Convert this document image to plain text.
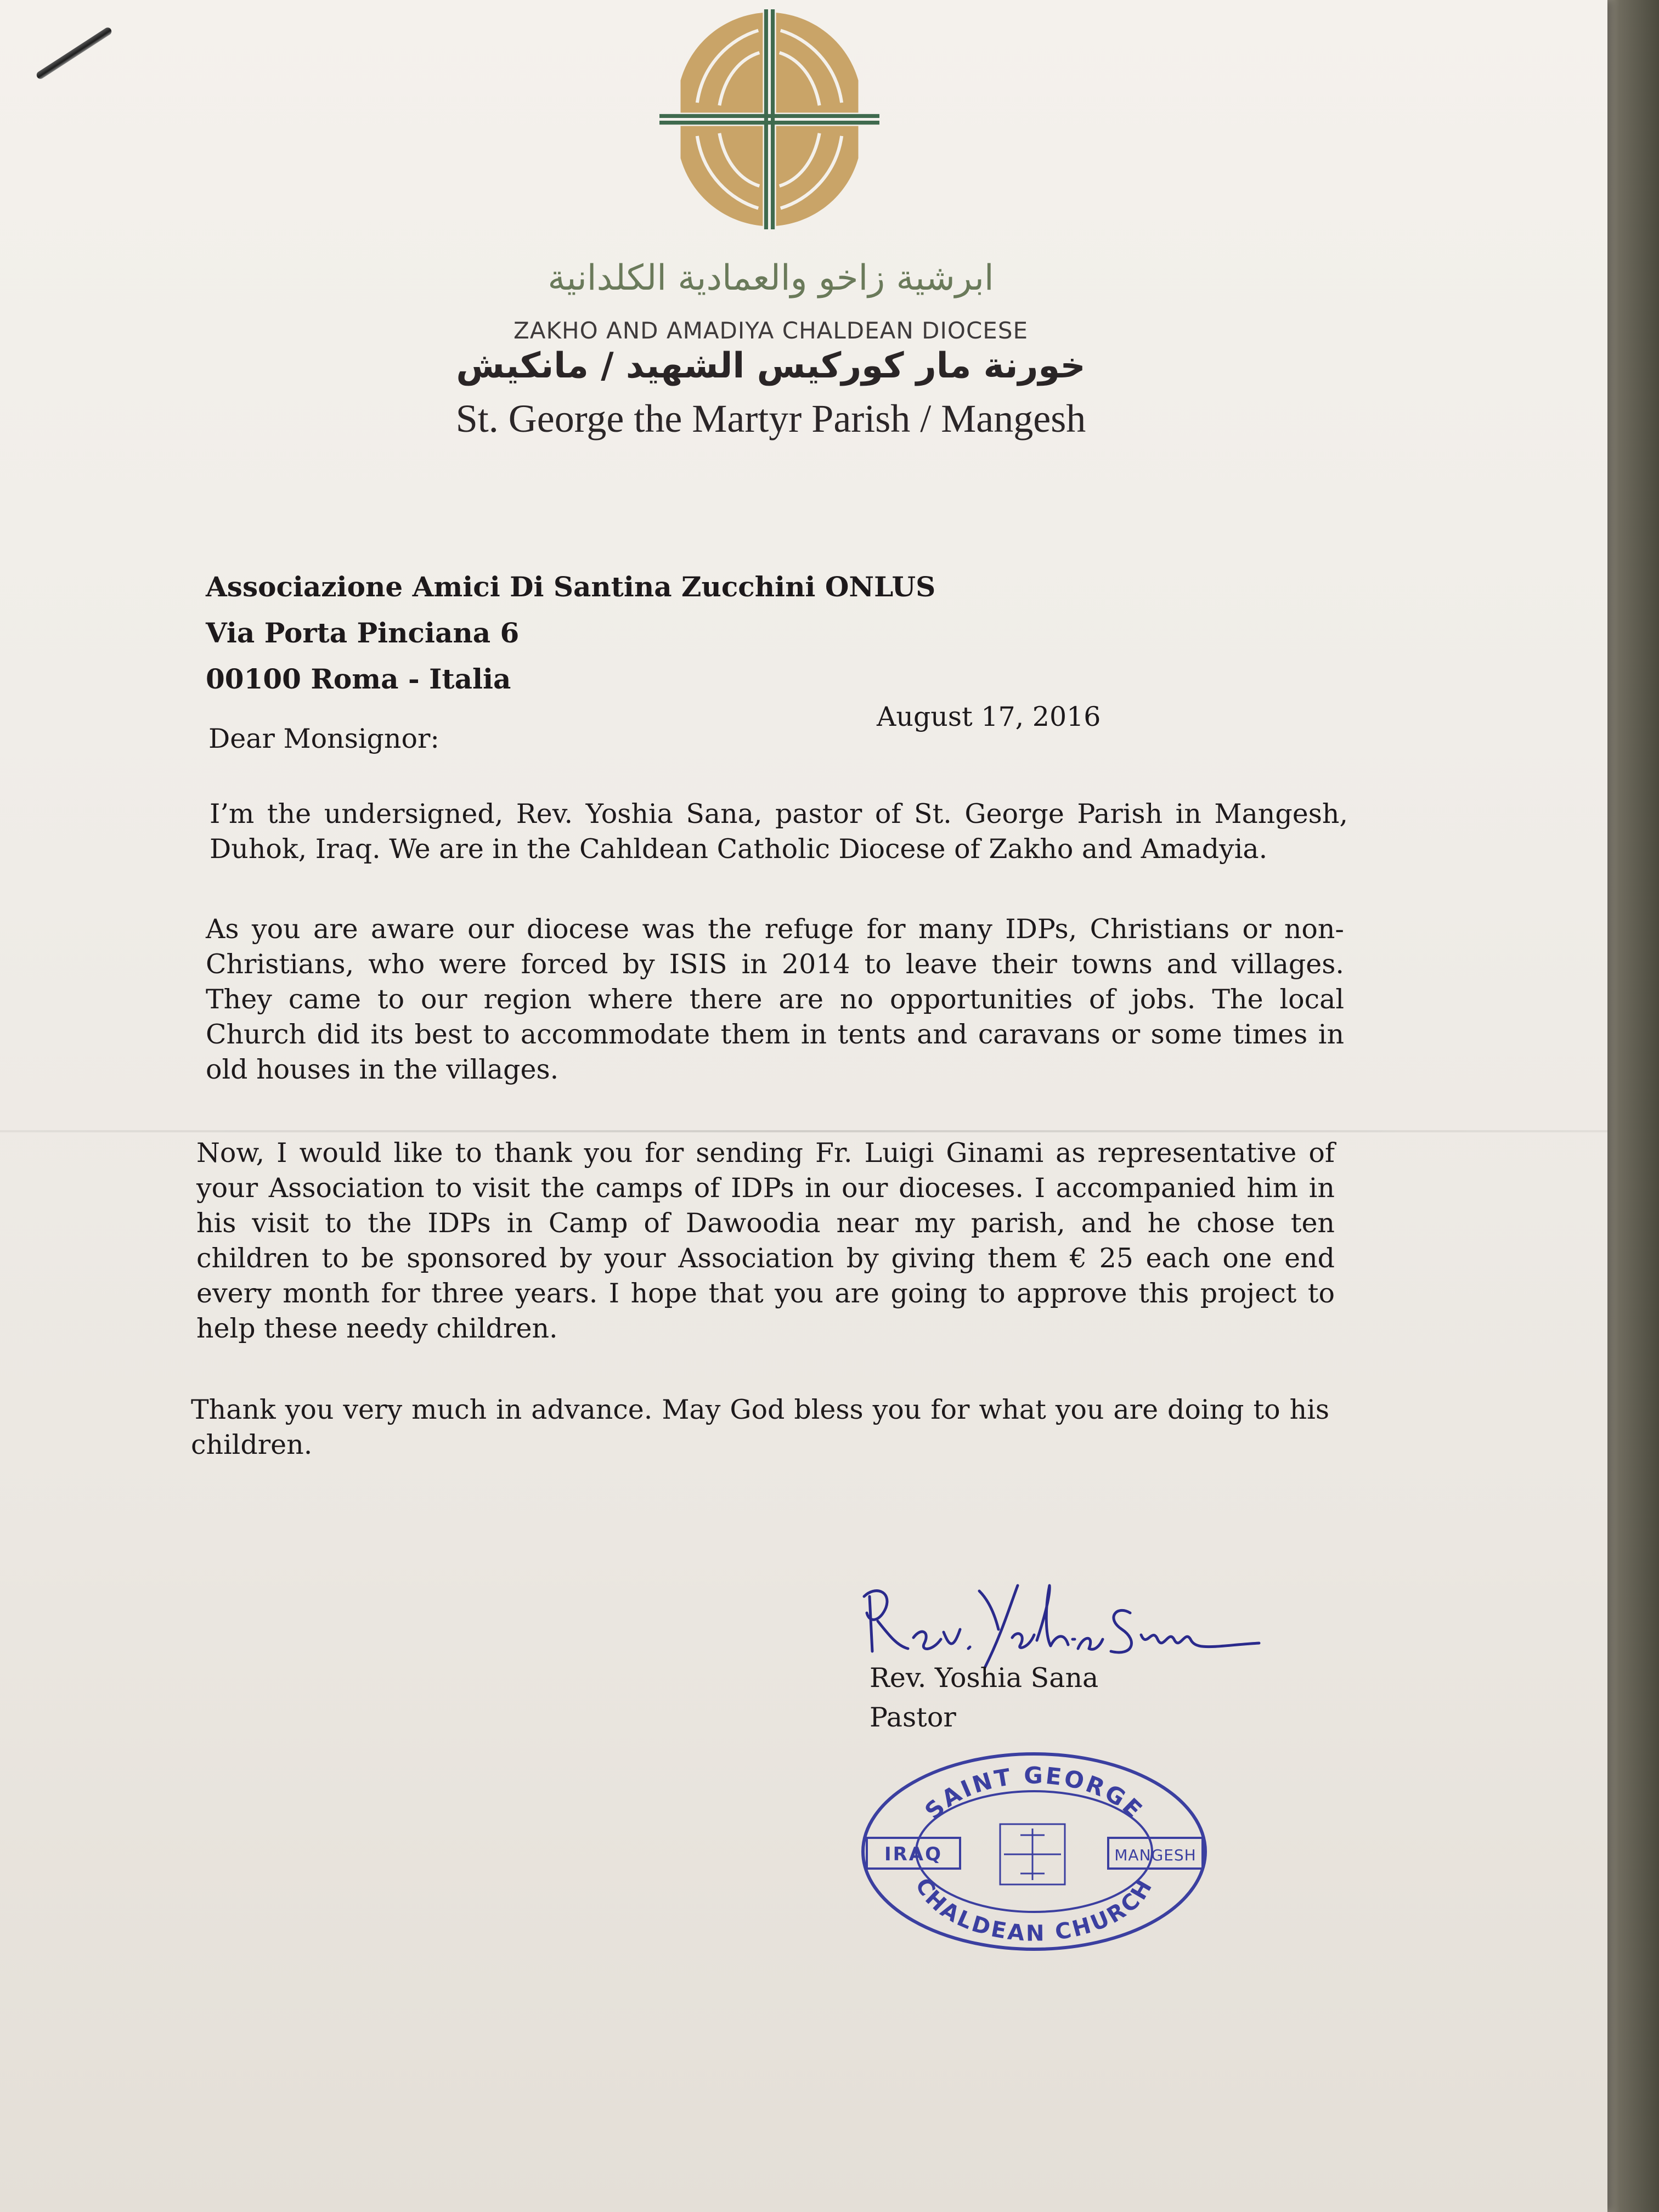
ابرشية زاخو والعمادية الكلدانية
ZAKHO AND AMADIYA CHALDEAN DIOCESE
خورنة مار كوركيس الشهيد / مانكيش
St. George the Martyr Parish / Mangesh
Associazione Amici Di Santina Zucchini ONLUS
Via Porta Pinciana 6
00100 Roma - Italia
August 17, 2016
Dear Monsignor:
I’m the undersigned, Rev. Yoshia Sana, pastor of St. George Parish in Mangesh, Duhok, Iraq. We are in the Cahldean Catholic Diocese of Zakho and Amadyia.
As you are aware our diocese was the refuge for many IDPs, Christians or non-Christians, who were forced by ISIS in 2014 to leave their towns and villages. They came to our region where there are no opportunities of jobs. The local Church did its best to accommodate them in tents and caravans or some times in old houses in the villages.
Now, I would like to thank you for sending Fr. Luigi Ginami as representative of your Association to visit the camps of IDPs in our dioceses. I accompanied him in his visit to the IDPs in Camp of Dawoodia near my parish, and he chose ten children to be sponsored by your Association by giving them € 25 each one end every month for three years. I hope that you are going to approve this project to help these needy children.
Thank you very much in advance. May God bless you for what you are doing to his children.
Rev. Yoshia Sana
Pastor
SAINT GEORGE
CHALDEAN CHURCH
IRAQ	MANGESH
